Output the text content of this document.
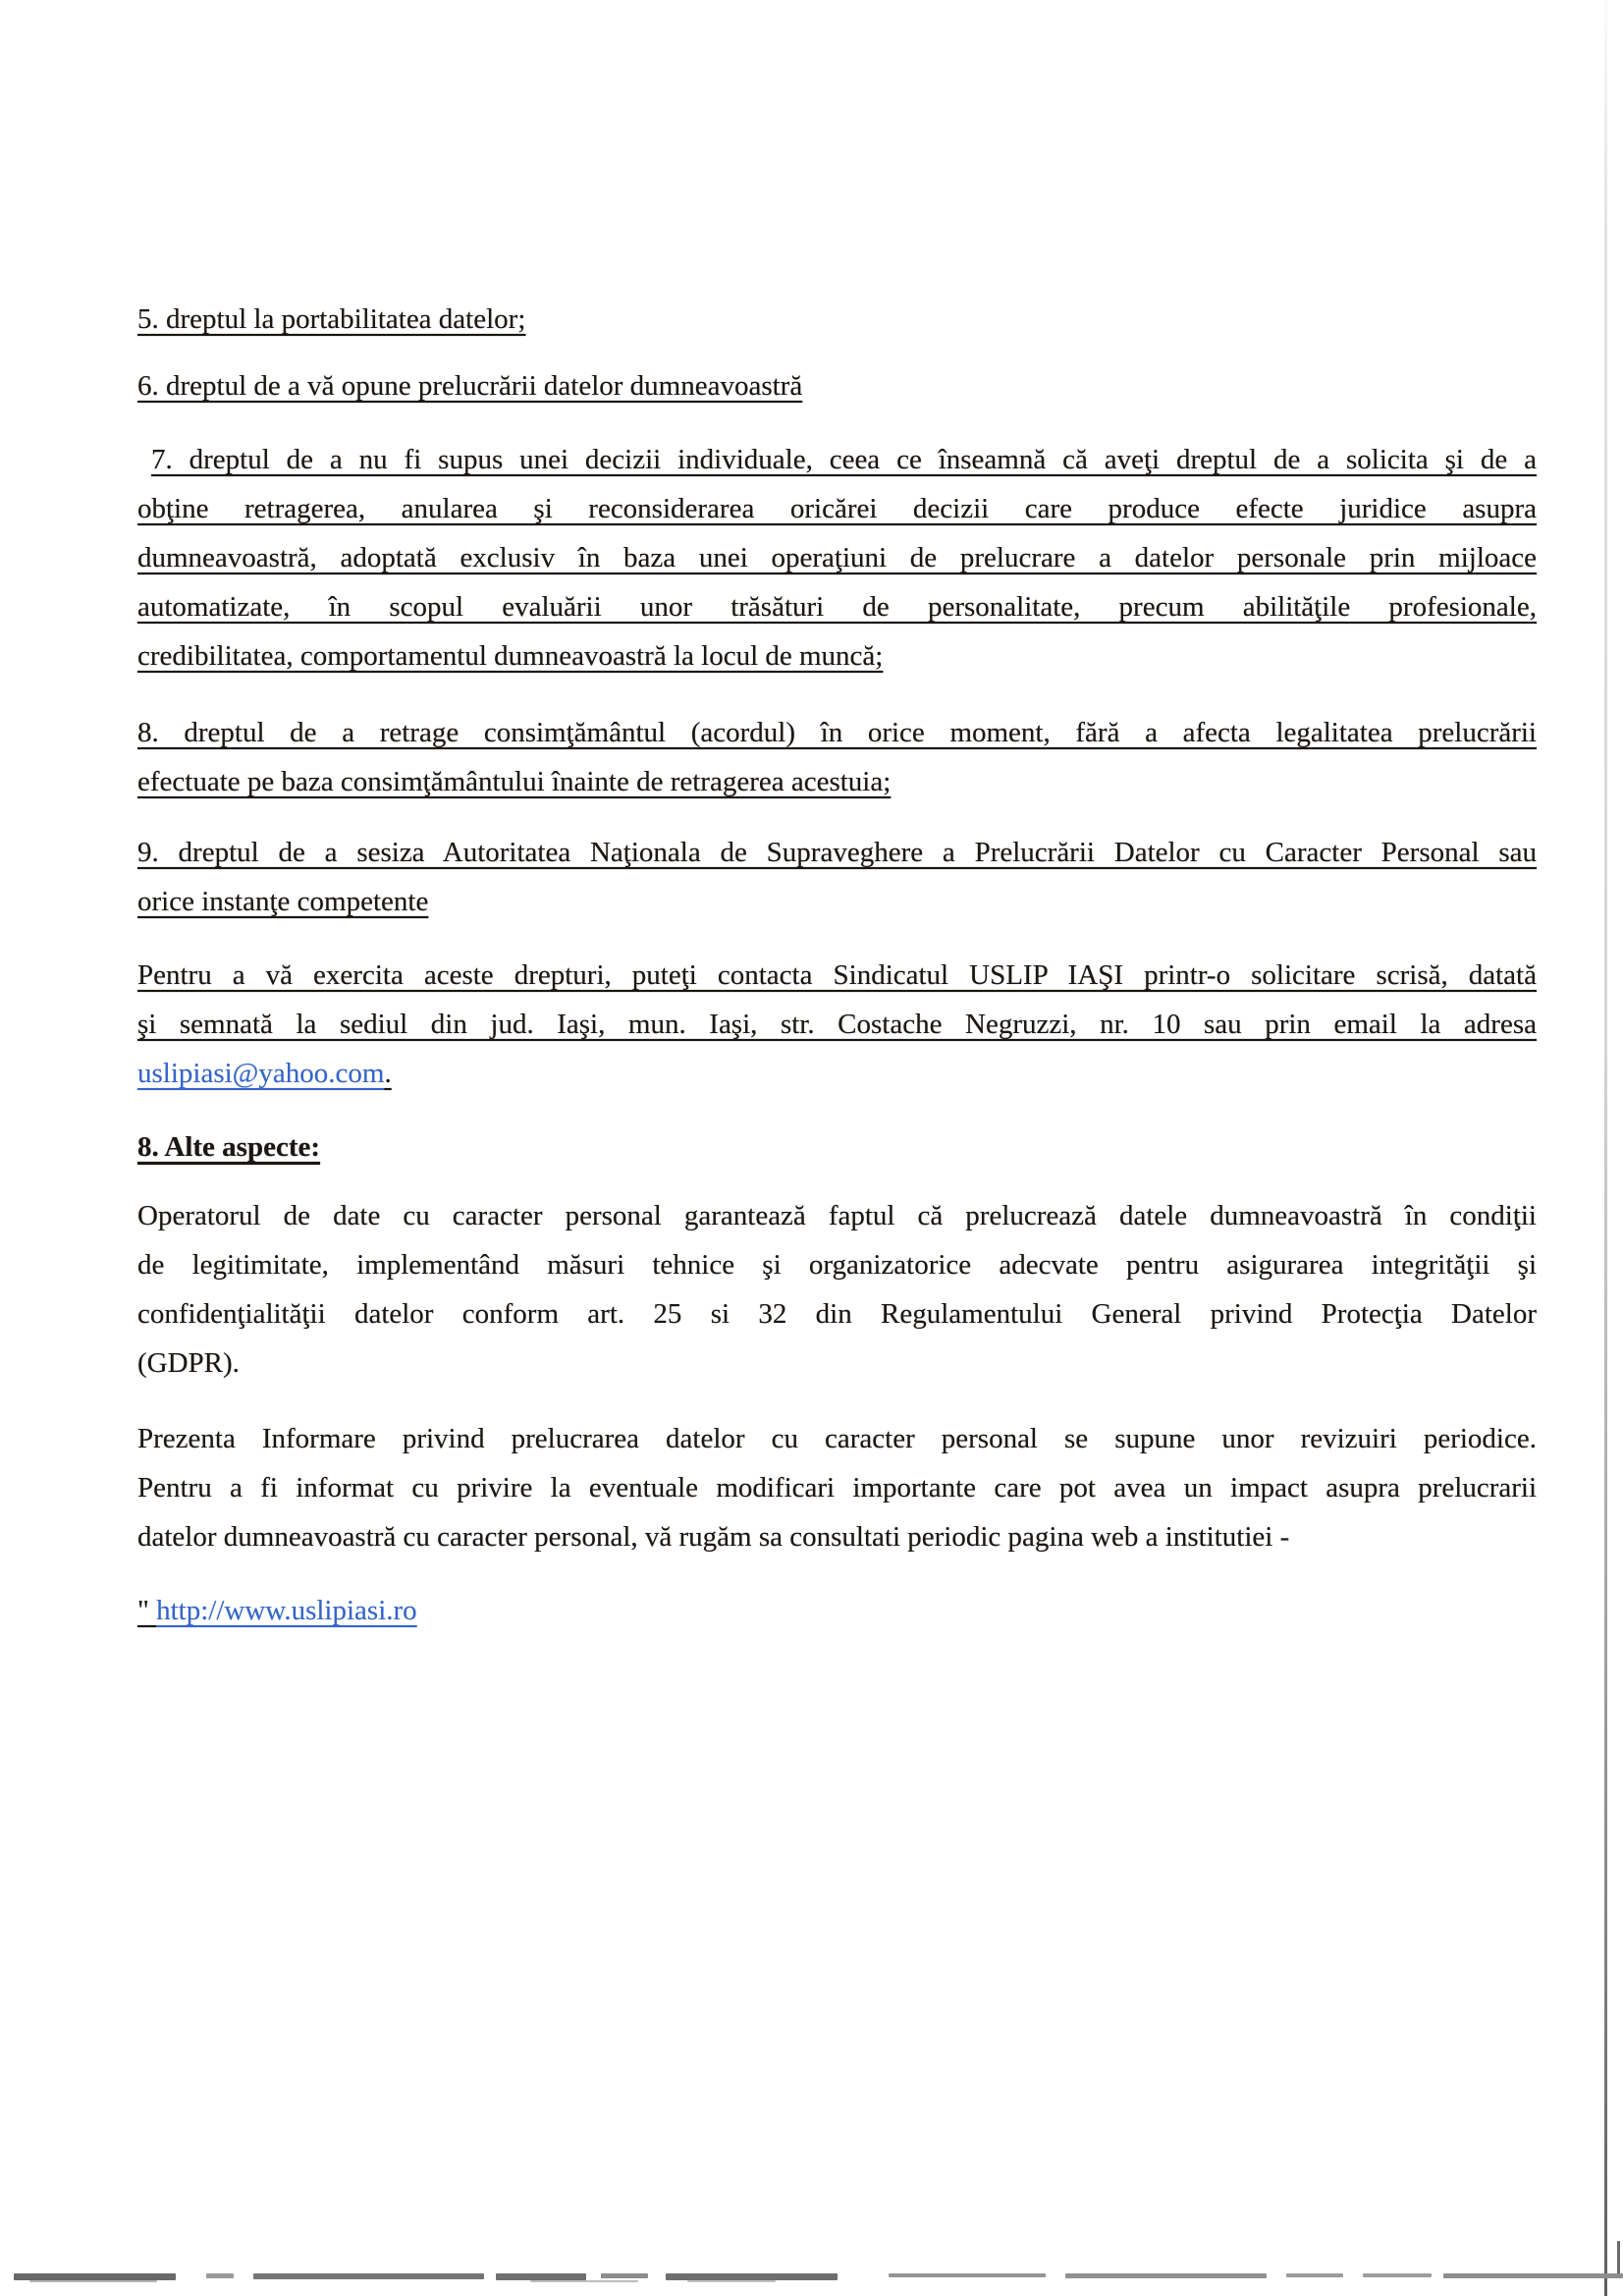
5. dreptul la portabilitatea datelor;
6. dreptul de a vă opune prelucrării datelor dumneavoastră
7. dreptul de a nu fi supus unei decizii individuale, ceea ce înseamnă că aveţi dreptul de a solicita şi de a
obţine retragerea, anularea şi reconsiderarea oricărei decizii care produce efecte juridice asupra
dumneavoastră, adoptată exclusiv în baza unei operaţiuni de prelucrare a datelor personale prin mijloace
automatizate, în scopul evaluării unor trăsături de personalitate, precum abilităţile profesionale,
credibilitatea, comportamentul dumneavoastră la locul de muncă;
8. dreptul de a retrage consimţământul (acordul) în orice moment, fără a afecta legalitatea prelucrării
efectuate pe baza consimţământului înainte de retragerea acestuia;
9. dreptul de a sesiza Autoritatea Naţionala de Supraveghere a Prelucrării Datelor cu Caracter Personal sau
orice instanţe competente
Pentru a vă exercita aceste drepturi, puteţi contacta Sindicatul USLIP IAŞI printr-o solicitare scrisă, datată
şi semnată la sediul din jud. Iaşi, mun. Iaşi, str. Costache Negruzzi, nr. 10 sau prin email la adresa
uslipiasi@yahoo.com.
8. Alte aspecte:
Operatorul de date cu caracter personal garantează faptul că prelucrează datele dumneavoastră în condiţii
de legitimitate, implementând măsuri tehnice şi organizatorice adecvate pentru asigurarea integrităţii şi
confidenţialităţii datelor conform art. 25 si 32 din Regulamentului General privind Protecţia Datelor
(GDPR).
Prezenta Informare privind prelucrarea datelor cu caracter personal se supune unor revizuiri periodice.
Pentru a fi informat cu privire la eventuale modificari importante care pot avea un impact asupra prelucrarii
datelor dumneavoastră cu caracter personal, vă rugăm sa consultati periodic pagina web a institutiei -
" http://www.uslipiasi.ro
